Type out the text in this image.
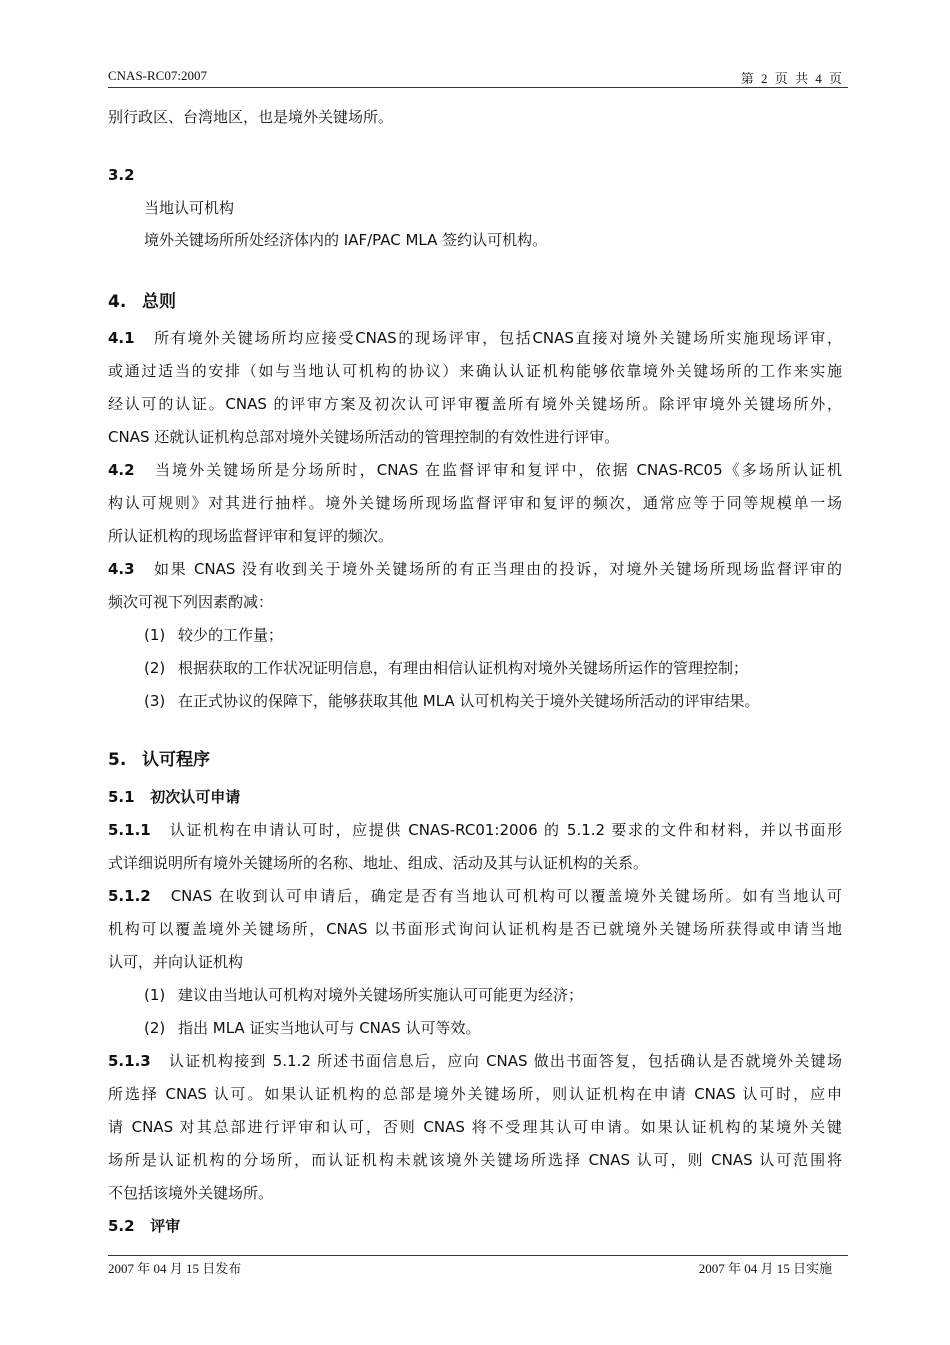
CNAS-RC07:2007	第 2 页 共 4 页
别行政区、台湾地区，也是境外关键场所。
3.2
当地认可机构
境外关键场所所处经济体内的 IAF/PAC MLA 签约认可机构。
4. 总则
4.1 所有境外关键场所均应接受CNAS的现场评审，包括CNAS直接对境外关键场所实施现场评审，
或通过适当的安排（如与当地认可机构的协议）来确认认证机构能够依靠境外关键场所的工作来实施
经认可的认证。CNAS 的评审方案及初次认可评审覆盖所有境外关键场所。除评审境外关键场所外，
CNAS 还就认证机构总部对境外关键场所活动的管理控制的有效性进行评审。
4.2 当境外关键场所是分场所时，CNAS 在监督评审和复评中，依据 CNAS-RC05《多场所认证机
构认可规则》对其进行抽样。境外关键场所现场监督评审和复评的频次，通常应等于同等规模单一场
所认证机构的现场监督评审和复评的频次。
4.3 如果 CNAS 没有收到关于境外关键场所的有正当理由的投诉，对境外关键场所现场监督评审的
频次可视下列因素酌减：
(1) 较少的工作量；
(2) 根据获取的工作状况证明信息，有理由相信认证机构对境外关键场所运作的管理控制；
(3) 在正式协议的保障下，能够获取其他 MLA 认可机构关于境外关键场所活动的评审结果。
5. 认可程序
5.1 初次认可申请
5.1.1 认证机构在申请认可时，应提供 CNAS-RC01:2006 的 5.1.2 要求的文件和材料，并以书面形
式详细说明所有境外关键场所的名称、地址、组成、活动及其与认证机构的关系。
5.1.2 CNAS 在收到认可申请后，确定是否有当地认可机构可以覆盖境外关键场所。如有当地认可
机构可以覆盖境外关键场所，CNAS 以书面形式询问认证机构是否已就境外关键场所获得或申请当地
认可，并向认证机构
(1) 建议由当地认可机构对境外关键场所实施认可可能更为经济；
(2) 指出 MLA 证实当地认可与 CNAS 认可等效。
5.1.3 认证机构接到 5.1.2 所述书面信息后，应向 CNAS 做出书面答复，包括确认是否就境外关键场
所选择 CNAS 认可。如果认证机构的总部是境外关键场所，则认证机构在申请 CNAS 认可时，应申
请 CNAS 对其总部进行评审和认可，否则 CNAS 将不受理其认可申请。如果认证机构的某境外关键
场所是认证机构的分场所，而认证机构未就该境外关键场所选择 CNAS 认可，则 CNAS 认可范围将
不包括该境外关键场所。
5.2 评审
2007 年 04 月 15 日发布	2007 年 04 月 15 日实施
